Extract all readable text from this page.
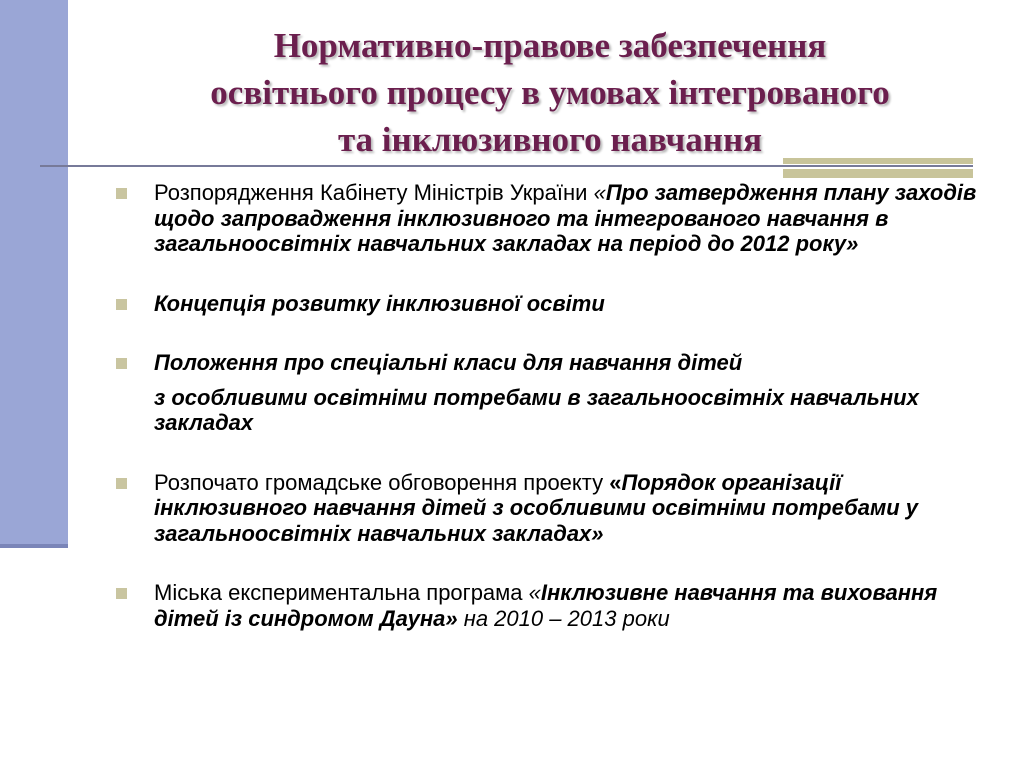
Нормативно-правове забезпечення
освітнього процесу в умовах інтегрованого
та інклюзивного навчання
Розпорядження Кабінету Міністрів України «Про затвердження плану заходів щодо запровадження інклюзивного та інтегрованого навчання в загальноосвітніх навчальних закладах на період до 2012 року»
Концепція розвитку інклюзивної освіти
Положення про спеціальні класи для навчання дітей
з особливими освітніми потребами в загальноосвітніх навчальних закладах
Розпочато громадське обговорення проекту «Порядок організації інклюзивного навчання дітей з особливими освітніми потребами у загальноосвітніх навчальних закладах»
Міська експериментальна програма «Інклюзивне навчання та виховання дітей із синдромом Дауна» на 2010 – 2013 роки
